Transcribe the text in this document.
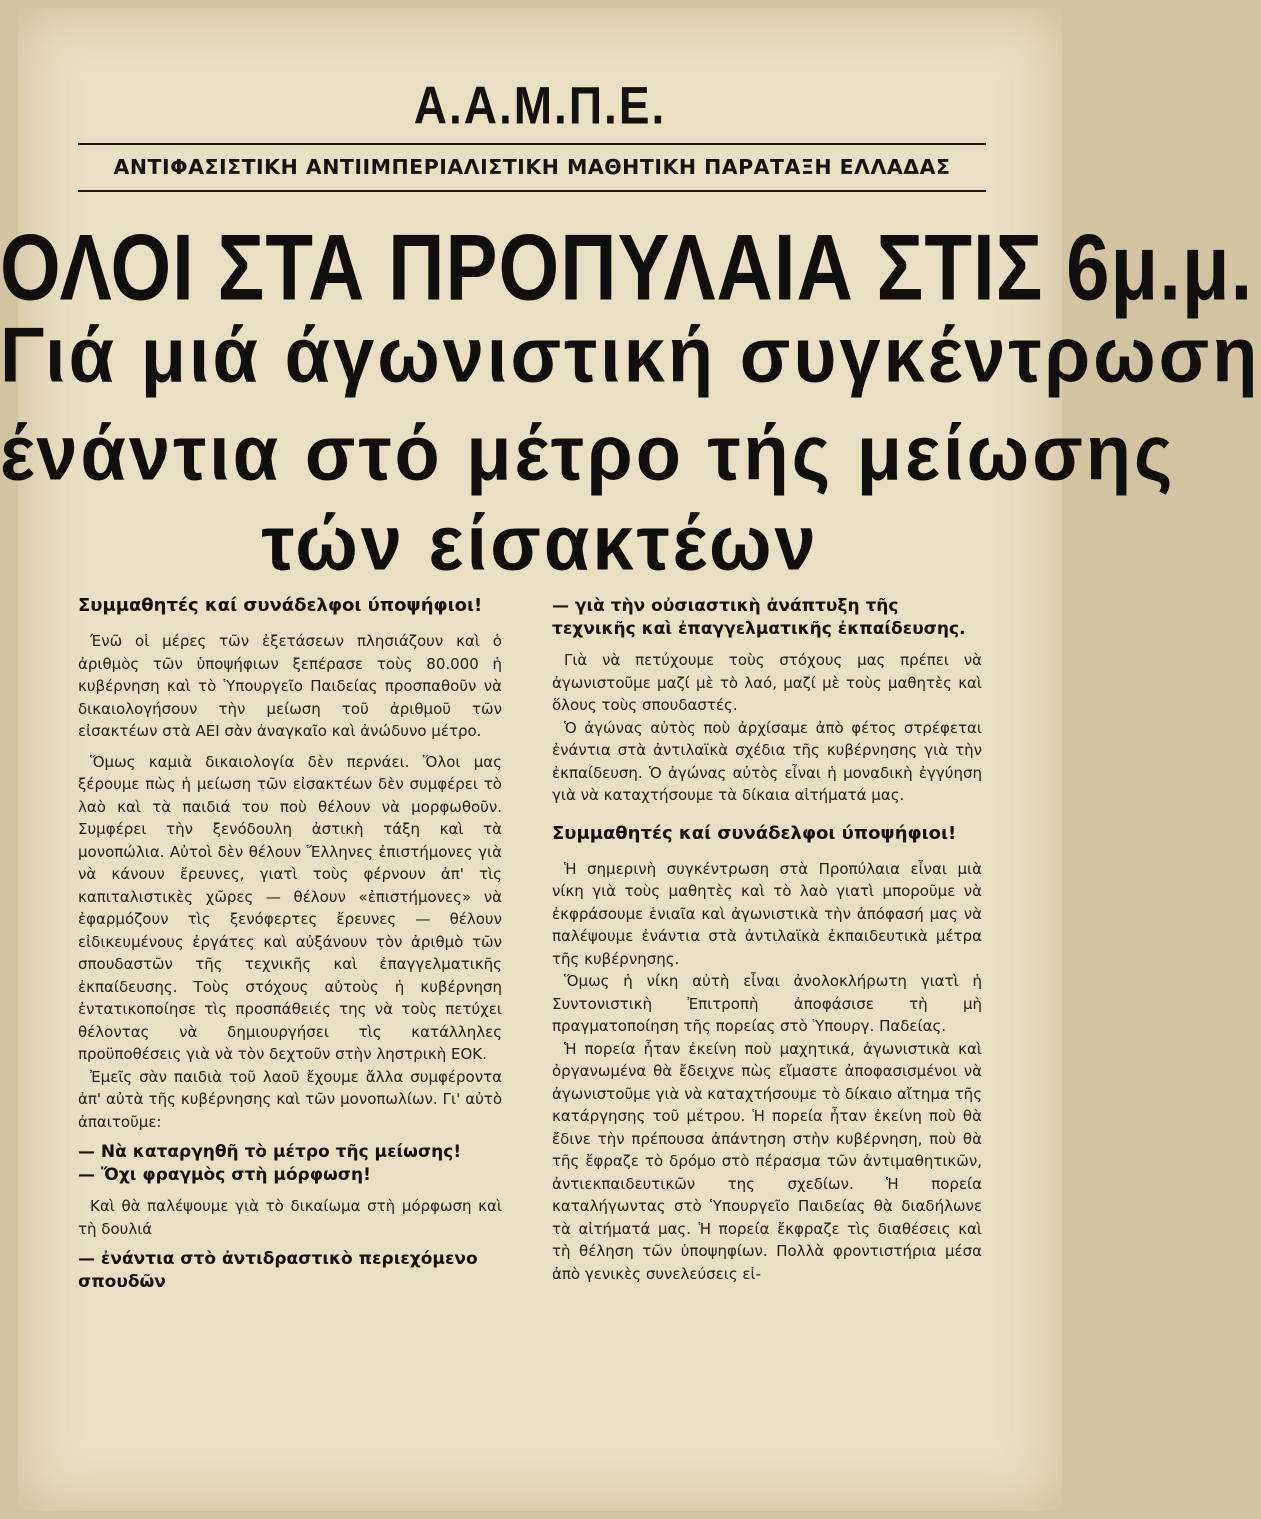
Α.Α.Μ.Π.Ε.
ΑΝΤΙΦΑΣΙΣΤΙΚΗ ΑΝΤΙΙΜΠΕΡΙΑΛΙΣΤΙΚΗ ΜΑΘΗΤΙΚΗ ΠΑΡΑΤΑΞΗ ΕΛΛΑΔΑΣ
ΟΛΟΙ ΣΤΑ ΠΡΟΠΥΛΑΙΑ ΣΤΙΣ 6μ.μ.
Γιά μιά άγωνιστική συγκέντρωση
ένάντια στό μέτρο τής μείωσης
τών είσακτέων

Συμμαθητές καί συνάδελφοι ύποψήφιοι!

Ένῶ οἱ μέρες τῶν ἐξετάσεων πλησιάζουν καὶ ὁ ἀριθμὸς τῶν ὑποψήφιων ξεπέρασε τοὺς 80.000 ἡ κυβέρνηση καὶ τὸ Ὑπουργεῖο Παιδείας προσπαθοῦν νὰ δικαιολογήσουν τὴν μείωση τοῦ ἀριθμοῦ τῶν εἰσακτέων στὰ ΑΕΙ σὰν ἀναγκαῖο καὶ ἀνώδυνο μέτρο.

Ὅμως καμιὰ δικαιολογία δὲν περνάει. Ὅλοι μας ξέρουμε πὼς ἡ μείωση τῶν εἰσακτέων δὲν συμφέρει τὸ λαὸ καὶ τὰ παιδιά του ποὺ θέλουν νὰ μορφωθοῦν. Συμφέρει τὴν ξενόδουλη ἀστικὴ τάξη καὶ τὰ μονοπώλια. Αὐτοὶ δὲν θέλουν Ἕλληνες ἐπιστήμονες γιὰ νὰ κάνουν ἔρευνες, γιατὶ τοὺς φέρνουν ἀπ' τὶς καπιταλιστικὲς χῶρες — θέλουν «ἐπιστήμονες» νὰ ἐφαρμόζουν τὶς ξενόφερτες ἔρευνες — θέλουν εἰδικευμένους ἐργάτες καὶ αὐξάνουν τὸν ἀριθμὸ τῶν σπουδαστῶν τῆς τεχνικῆς καὶ ἐπαγγελματικῆς ἐκπαίδευσης. Τοὺς στόχους αὐτοὺς ἡ κυβέρνηση ἐντατικοποίησε τὶς προσπάθειές της νὰ τοὺς πετύχει θέλοντας νὰ δημιουργήσει τὶς κατάλληλες προϋποθέσεις γιὰ νὰ τὸν δεχτοῦν στὴν ληστρικὴ ΕΟΚ.

Ἐμεῖς σὰν παιδιὰ τοῦ λαοῦ ἔχουμε ἄλλα συμφέροντα ἀπ' αὐτὰ τῆς κυβέρνησης καὶ τῶν μονοπωλίων. Γι' αὐτὸ ἀπαιτοῦμε:

— Νὰ καταργηθῆ τὸ μέτρο τῆς μείωσης!

— Ὄχι φραγμὸς στὴ μόρφωση!

Καὶ θὰ παλέψουμε γιὰ τὸ δικαίωμα στὴ μόρφωση καὶ τὴ δουλιά

— ἐνάντια στὸ ἀντιδραστικὸ περιεχόμενο σπουδῶν

— γιὰ τὴν οὐσιαστικὴ ἀνάπτυξη τῆς τεχνικῆς καὶ ἐπαγγελματικῆς ἐκπαίδευσης.

Γιὰ νὰ πετύχουμε τοὺς στόχους μας πρέπει νὰ ἀγωνιστοῦμε μαζί μὲ τὸ λαό, μαζί μὲ τοὺς μαθητὲς καὶ ὅλους τοὺς σπουδαστές.

Ὁ ἀγώνας αὐτὸς ποὺ ἀρχίσαμε ἀπὸ φέτος στρέφεται ἐνάντια στὰ ἀντιλαϊκὰ σχέδια τῆς κυβέρνησης γιὰ τὴν ἐκπαίδευση. Ὁ ἀγώνας αὐτὸς εἶναι ἡ μοναδικὴ ἐγγύηση γιὰ νὰ καταχτήσουμε τὰ δίκαια αἰτήματά μας.

Συμμαθητές καί συνάδελφοι ύποψήφιοι!

Ἡ σημερινὴ συγκέντρωση στὰ Προπύλαια εἶναι μιὰ νίκη γιὰ τοὺς μαθητὲς καὶ τὸ λαὸ γιατὶ μποροῦμε νὰ ἐκφράσουμε ἑνιαῖα καὶ ἀγωνιστικὰ τὴν ἀπόφασή μας νὰ παλέψουμε ἐνάντια στὰ ἀντιλαϊκὰ ἐκπαιδευτικὰ μέτρα τῆς κυβέρνησης.

Ὅμως ἡ νίκη αὐτὴ εἶναι ἀνολοκλήρωτη γιατὶ ἡ Συντονιστικὴ Ἐπιτροπὴ ἀποφάσισε τὴ μὴ πραγματοποίηση τῆς πορείας στὸ Ὑπουργ. Παδείας.

Ἡ πορεία ἦταν ἐκείνη ποὺ μαχητικά, ἀγωνιστικὰ καὶ ὀργανωμένα θὰ ἔδειχνε πὼς εἴμαστε ἀποφασισμένοι νὰ ἀγωνιστοῦμε γιὰ νὰ καταχτήσουμε τὸ δίκαιο αἴτημα τῆς κατάργησης τοῦ μέτρου. Ἡ πορεία ἦταν ἐκείνη ποὺ θὰ ἔδινε τὴν πρέπουσα ἀπάντηση στὴν κυβέρνηση, ποὺ θὰ τῆς ἔφραζε τὸ δρόμο στὸ πέρασμα τῶν ἀντιμαθητικῶν, ἀντιεκπαιδευτικῶν της σχεδίων. Ἡ πορεία καταλήγωντας στὸ Ὑπουργεῖο Παιδείας θὰ διαδήλωνε τὰ αἰτήματά μας. Ἡ πορεία ἔκφραζε τὶς διαθέσεις καὶ τὴ θέληση τῶν ὑποψηφίων. Πολλὰ φροντιστήρια μέσα ἀπὸ γενικὲς συνελεύσεις εἰ-
